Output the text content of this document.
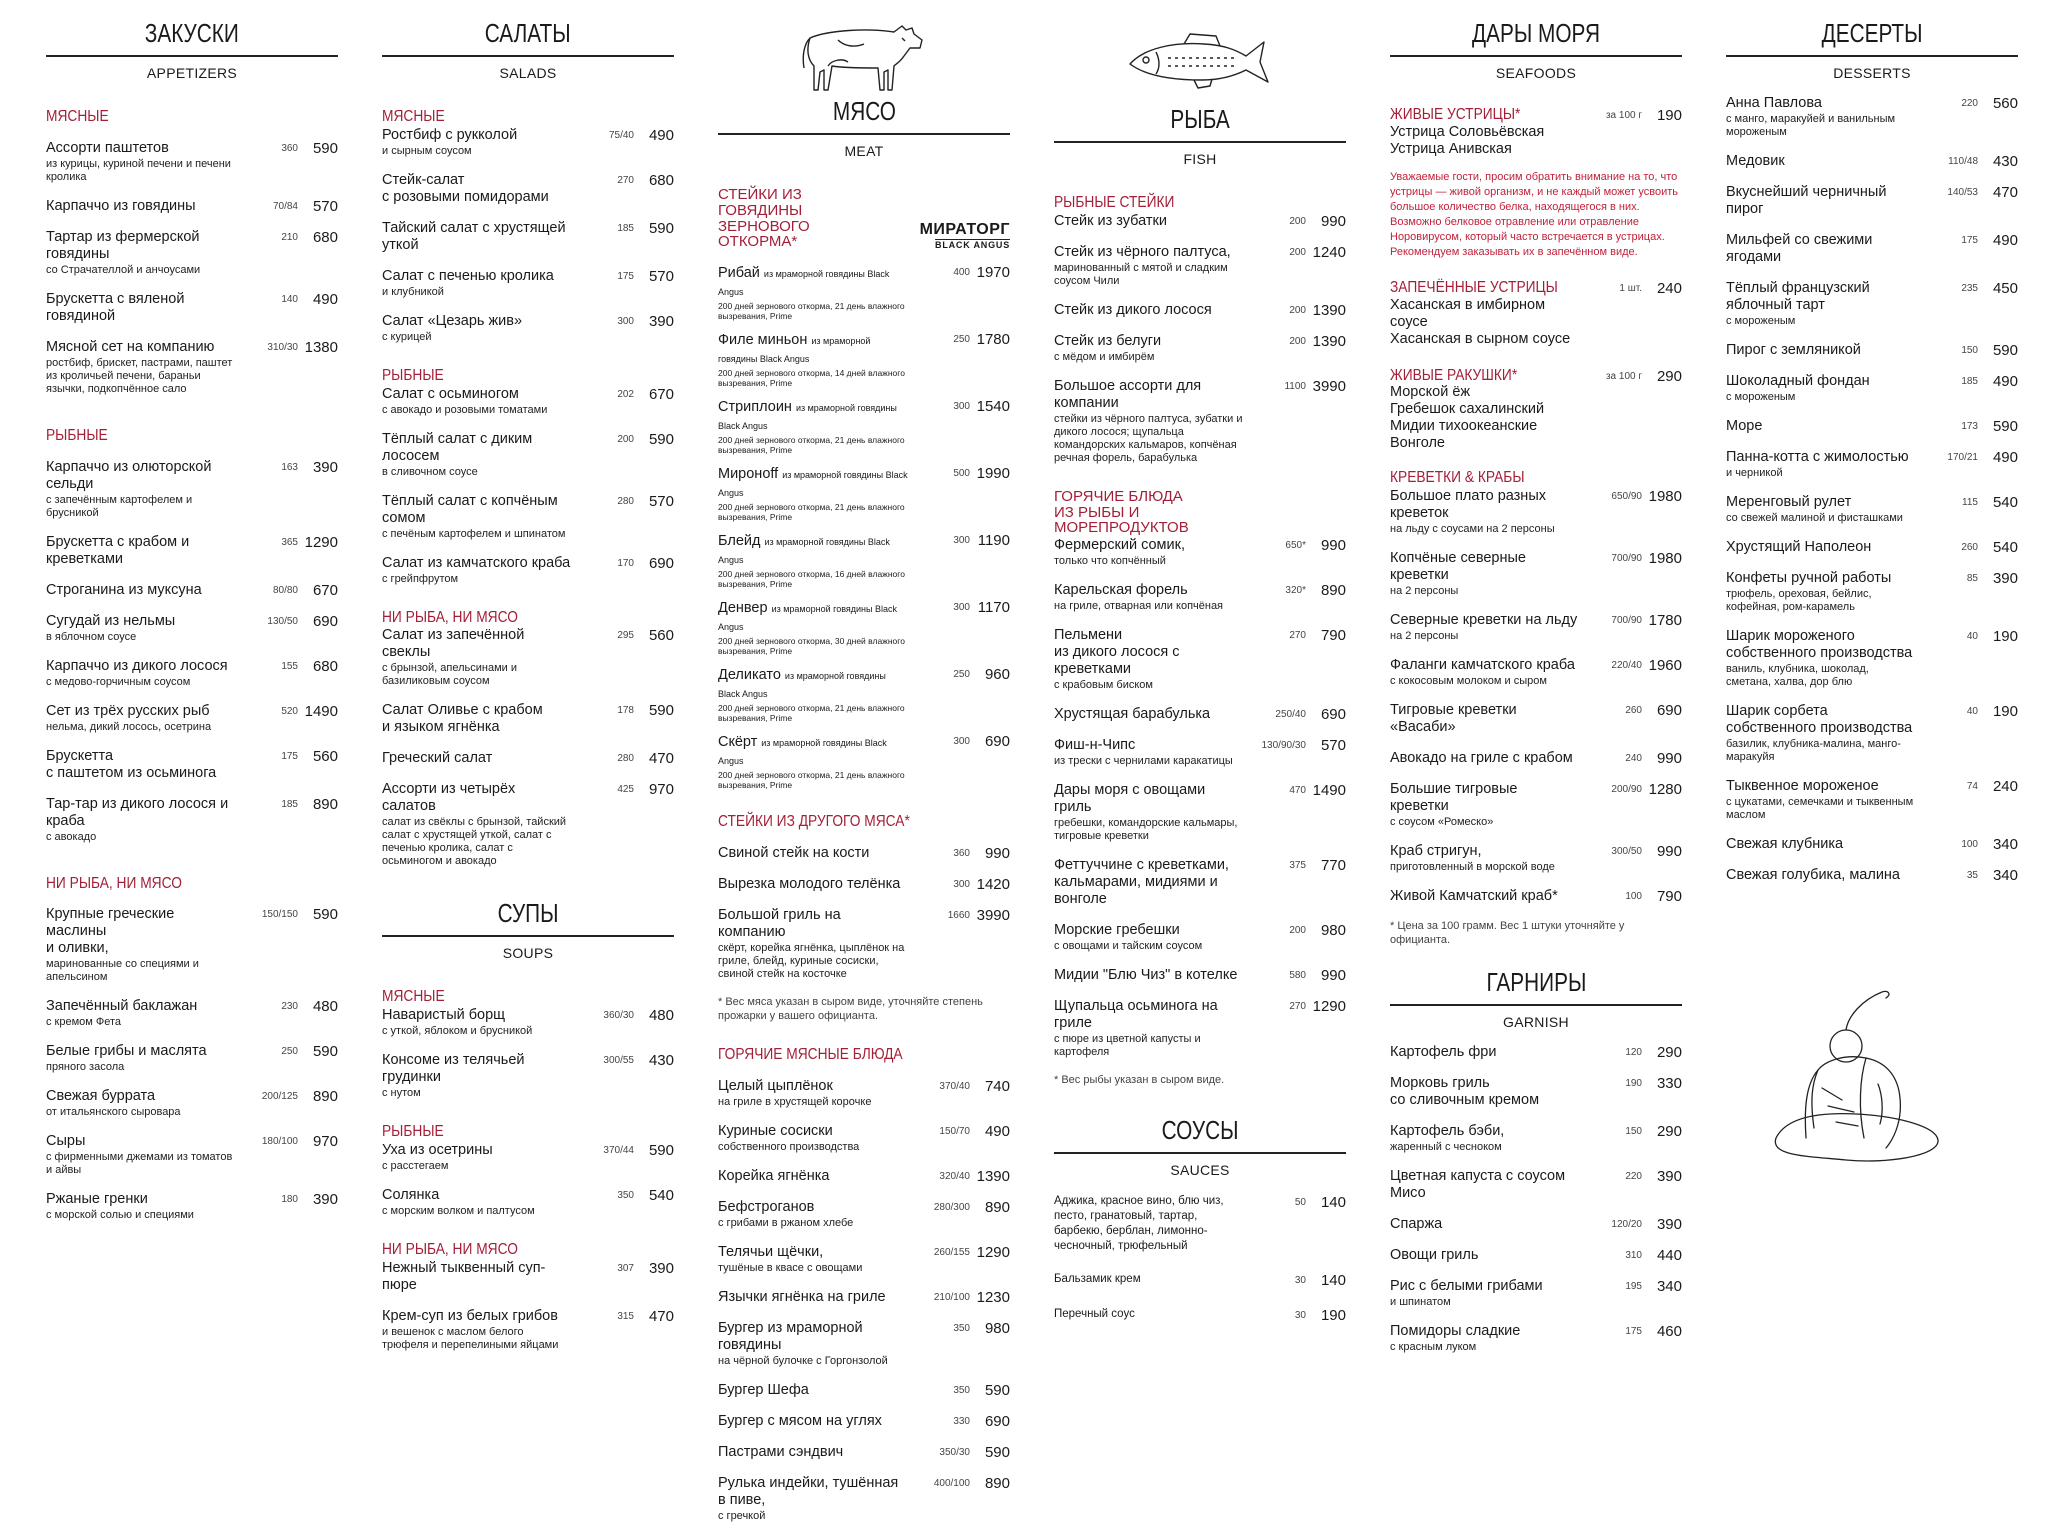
ЗАКУСКИ
APPETIZERS
МЯСНЫЕ
Ассорти паштетов
из курицы, куриной печени и печени кролика
360 590
Карпаччо из говядины	70/84 570
Тартар из фермерской говядины
со Страчателлой и анчоусами
210 680
Брускетта с вяленой говядиной
140 490
Мясной сет на компанию
ростбиф, брискет, пастрами, паштет из кроличьей печени, бараньи язычки, подкопчённое сало
310/30 1380
РЫБНЫЕ
Карпаччо из олюторской сельди
с запечённым картофелем и брусникой
163 390
Брускетта с крабом и креветками
365 1290
Строганина из муксуна	80/80 670
Сугудай из нельмы
в яблочном соусе
130/50 690
Карпаччо из дикого лосося
с медово-горчичным соусом
155 680
Сет из трёх русских рыб
нельма, дикий лосось, осетрина
520 1490
Брускетта
с паштетом из осьминога
175 560
Тар-тар из дикого лосося и краба
с авокадо
185 890
НИ РЫБА, НИ МЯСО
Крупные греческие маслины
и оливки,
маринованные со специями и апельсином
150/150 590
Запечённый баклажан
с кремом Фета
230 480
Белые грибы и маслята
пряного засола
250 590
Свежая буррата
от итальянского сыровара
200/125 890
Сыры
с фирменными джемами из томатов и айвы
180/100 970
Ржаные гренки
с морской солью и специями
180 390
САЛАТЫ
SALADS
МЯСНЫЕ
Ростбиф с рукколой
и сырным соусом
75/40 490
Стейк-салат
с розовыми помидорами
270 680
Тайский салат с хрустящей уткой
185 590
Салат с печенью кролика
и клубникой
175 570
Салат «Цезарь жив»
с курицей
300 390
РЫБНЫЕ
Салат с осьминогом
с авокадо и розовыми томатами
202 670
Тёплый салат с диким лососем
в сливочном соусе
200 590
Тёплый салат с копчёным сомом
с печёным картофелем и шпинатом
280 570
Салат из камчатского краба
с грейпфрутом
170 690
НИ РЫБА, НИ МЯСО
Салат из запечённой свеклы
с брынзой, апельсинами и базиликовым соусом
295 560
Салат Оливье с крабом
и языком ягнёнка
178 590
Греческий салат	280 470
Ассорти из четырёх салатов
салат из свёклы с брынзой, тайский салат с хрустящей уткой, салат с печенью кролика, салат с осьминогом и авокадо
425 970
СУПЫ
SOUPS
МЯСНЫЕ
Наваристый борщ
с уткой, яблоком и брусникой
360/30 480
Консоме из телячьей грудинки
с нутом
300/55 430
РЫБНЫЕ
Уха из осетрины
с расстегаем
370/44 590
Солянка
с морским волком и палтусом
350 540
НИ РЫБА, НИ МЯСО
Нежный тыквенный суп-пюре
307 390
Крем-суп из белых грибов
и вешенок с маслом белого трюфеля и перепелиными яйцами
315 470
МЯСО
MEAT
СТЕЙКИ ИЗ ГОВЯДИНЫ ЗЕРНОВОГО ОТКОРМА*
МИРАТОРГ
BLACK ANGUS
Рибай из мраморной говядины Black Angus
200 дней зернового откорма, 21 день влажного вызревания, Prime
400 1970
Филе миньон из мраморной говядины Black Angus
200 дней зернового откорма, 14 дней влажного вызревания, Prime
250 1780
Стриплоин из мраморной говядины Black Angus
200 дней зернового откорма, 21 день влажного вызревания, Prime
300 1540
Мироноff из мраморной говядины Black Angus
200 дней зернового откорма, 21 день влажного вызревания, Prime
500 1990
Блейд из мраморной говядины Black Angus
200 дней зернового откорма, 16 дней влажного вызревания, Prime
300 1190
Денвер из мраморной говядины Black Angus
200 дней зернового откорма, 30 дней влажного вызревания, Prime
300 1170
Деликато из мраморной говядины Black Angus
200 дней зернового откорма, 21 день влажного вызревания, Prime
250 960
Скёрт из мраморной говядины Black Angus
200 дней зернового откорма, 21 день влажного вызревания, Prime
300 690
СТЕЙКИ ИЗ ДРУГОГО МЯСА*
Свиной стейк на кости	360 990
Вырезка молодого телёнка	300 1420
Большой гриль на компанию
скёрт, корейка ягнёнка, цыплёнок на гриле, блейд, куриные сосиски, свиной стейк на косточке
1660 3990
* Вес мяса указан в сыром виде, уточняйте степень прожарки у вашего официанта.
ГОРЯЧИЕ МЯСНЫЕ БЛЮДА
Целый цыплёнок
на гриле в хрустящей корочке
370/40 740
Куриные сосиски
собственного производства
150/70 490
Корейка ягнёнка	320/40 1390
Бефстроганов
с грибами в ржаном хлебе
280/300 890
Телячьи щёчки,
тушёные в квасе с овощами
260/155 1290
Язычки ягнёнка на гриле	210/100 1230
Бургер из мраморной говядины
на чёрной булочке с Горгонзолой
350 980
Бургер Шефа	350 590
Бургер с мясом на углях	330 690
Пастрами сэндвич	350/30 590
Рулька индейки, тушённая в пиве,
с гречкой
400/100 890
РЫБА
FISH
РЫБНЫЕ СТЕЙКИ
Стейк из зубатки	200 990
Стейк из чёрного палтуса,
маринованный с мятой и сладким соусом Чили
200 1240
Стейк из дикого лосося	200 1390
Стейк из белуги
с мёдом и имбирём
200 1390
Большое ассорти для компании
стейки из чёрного палтуса, зубатки и дикого лосося; щупальца командорских кальмаров, копчёная речная форель, барабулька
1100 3990
ГОРЯЧИЕ БЛЮДА ИЗ РЫБЫ И МОРЕПРОДУКТОВ
Фермерский сомик,
только что копчённый
650* 990
Карельская форель
на гриле, отварная или копчёная
320* 890
Пельмени
из дикого лосося с креветками
с крабовым биском
270 790
Хрустящая барабулька	250/40 690
Фиш-н-Чипс
из трески с чернилами каракатицы
130/90/30 570
Дары моря с овощами гриль
гребешки, командорские кальмары, тигровые креветки
470 1490
Феттуччине с креветками,
кальмарами, мидиями и вонголе
375 770
Морские гребешки
с овощами и тайским соусом
200 980
Мидии "Блю Чиз" в котелке	580 990
Щупальца осьминога на гриле
с пюре из цветной капусты и картофеля
270 1290
* Вес рыбы указан в сыром виде.
СОУСЫ
SAUCES
Аджика, красное вино, блю чиз, песто, гранатовый, тартар, барбекю, берблан, лимонно-чесночный, трюфельный
50 140
Бальзамик крем	30 140
Перечный соус	30 190
ДАРЫ МОРЯ
SEAFOODS
ЖИВЫЕ УСТРИЦЫ*
Устрица Соловьёвская
Устрица Анивская
за 100 г 190
Уважаемые гости, просим обратить внимание на то, что устрицы — живой организм, и не каждый может усвоить большое количество белка, находящегося в них. Возможно белковое отравление или отравление Норовирусом, который часто встречается в устрицах. Рекомендуем заказывать их в запечённом виде.
ЗАПЕЧЁННЫЕ УСТРИЦЫ
Хасанская в имбирном соусе
Хасанская в сырном соусе
1 шт. 240
ЖИВЫЕ РАКУШКИ*
Морской ёж
Гребешок сахалинский
Мидии тихоокеанские
Вонголе
за 100 г 290
КРЕВЕТКИ & КРАБЫ
Большое плато разных креветок
на льду с соусами на 2 персоны
650/90 1980
Копчёные северные креветки
на 2 персоны
700/90 1980
Северные креветки на льду
на 2 персоны
700/90 1780
Фаланги камчатского краба
с кокосовым молоком и сыром
220/40 1960
Тигровые креветки «Васаби»
260 690
Авокадо на гриле с крабом	240 990
Большие тигровые креветки
с соусом «Ромеско»
200/90 1280
Краб стригун,
приготовленный в морской воде
300/50 990
Живой Камчатский краб*	100 790
* Цена за 100 грамм. Вес 1 штуки уточняйте у официанта.
ГАРНИРЫ
GARNISH
Картофель фри	120 290
Морковь гриль
со сливочным кремом
190 330
Картофель бэби,
жаренный с чесноком
150 290
Цветная капуста с соусом Мисо
220 390
Спаржа	120/20 390
Овощи гриль	310 440
Рис с белыми грибами
и шпинатом
195 340
Помидоры сладкие
с красным луком
175 460
ДЕСЕРТЫ
DESSERTS
Анна Павлова
с манго, маракуйей и ванильным мороженым
220 560
Медовик	110/48 430
Вкуснейший черничный пирог
140/53 470
Мильфей со свежими ягодами
175 490
Тёплый французский яблочный тарт
с мороженым
235 450
Пирог с земляникой	150 590
Шоколадный фондан
с мороженым
185 490
Море	173 590
Панна-котта с жимолостью
и черникой
170/21 490
Меренговый рулет
со свежей малиной и фисташками
115 540
Хрустящий Наполеон	260 540
Конфеты ручной работы
трюфель, ореховая, бейлис, кофейная, ром-карамель
85 390
Шарик мороженого
собственного производства
ваниль, клубника, шоколад, сметана, халва, дор блю
40 190
Шарик сорбета
собственного производства
базилик, клубника-малина, манго-маракуйя
40 190
Тыквенное мороженое
с цукатами, семечками и тыквенным маслом
74 240
Свежая клубника	100 340
Свежая голубика, малина	35 340
